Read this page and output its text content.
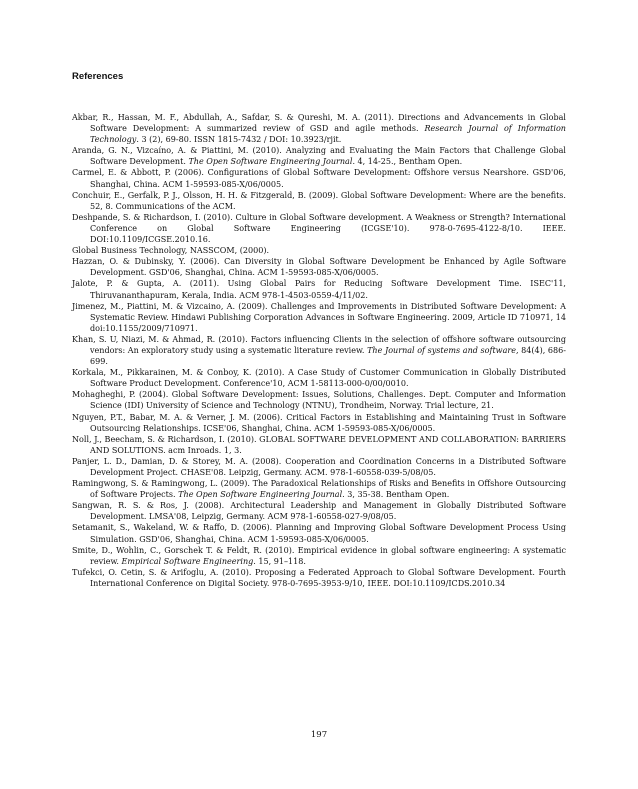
References

Akbar, R., Hassan, M. F., Abdullah, A., Safdar, S. & Qureshi, M. A. (2011). Directions and Advancements in Global Software Development: A summarized review of GSD and agile methods. Research Journal of Information Technology. 3 (2), 69-80. ISSN 1815-7432 / DOI: 10.3923/rjit.

Aranda, G. N., Vizcaíno, A. & Piattini, M. (2010). Analyzing and Evaluating the Main Factors that Challenge Global Software Development. The Open Software Engineering Journal. 4, 14-25., Bentham Open.

Carmel, E. & Abbott, P. (2006). Configurations of Global Software Development: Offshore versus Nearshore. GSD'06, Shanghai, China. ACM 1-59593-085-X/06/0005.

Conchuir, E., Gerfalk, P. J., Olsson, H. H. & Fitzgerald, B. (2009). Global Software Development: Where are the benefits. 52, 8. Communications of the ACM.

Deshpande, S. & Richardson, I. (2010). Culture in Global Software development. A Weakness or Strength? International Conference on Global Software Engineering (ICGSE'10). 978-0-7695-4122-8/10. IEEE. DOI:10.1109/ICGSE.2010.16.

Global Business Technology, NASSCOM, (2000).

Hazzan, O. & Dubinsky, Y. (2006). Can Diversity in Global Software Development be Enhanced by Agile Software Development. GSD'06, Shanghai, China. ACM 1-59593-085-X/06/0005.

Jalote, P. & Gupta, A. (2011). Using Global Pairs for Reducing Software Development Time. ISEC'11, Thiruvananthapuram, Kerala, India. ACM 978-1-4503-0559-4/11/02.

Jimenez, M., Piattini, M. & Vizcaino, A. (2009). Challenges and Improvements in Distributed Software Development: A Systematic Review. Hindawi Publishing Corporation Advances in Software Engineering. 2009, Article ID 710971, 14 doi:10.1155/2009/710971.

Khan, S. U, Niazi, M. & Ahmad, R. (2010). Factors influencing Clients in the selection of offshore software outsourcing vendors: An exploratory study using a systematic literature review. The Journal of systems and software, 84(4), 686-699.

Korkala, M., Pikkarainen, M. & Conboy, K. (2010). A Case Study of Customer Communication in Globally Distributed Software Product Development. Conference'10, ACM 1-58113-000-0/00/0010.

Mohagheghi, P. (2004). Global Software Development: Issues, Solutions, Challenges. Dept. Computer and Information Science (IDI) University of Science and Technology (NTNU), Trondheim, Norway. Trial lecture, 21.

Nguyen, P.T., Babar, M. A. & Verner, J. M. (2006). Critical Factors in Establishing and Maintaining Trust in Software Outsourcing Relationships. ICSE'06, Shanghai, China. ACM 1-59593-085-X/06/0005.

Noll, J., Beecham, S. & Richardson, I. (2010). GLOBAL SOFTWARE DEVELOPMENT AND COLLABORATION: BARRIERS AND SOLUTIONS. acm Inroads. 1, 3.

Panjer, L. D., Damian, D. & Storey, M. A. (2008). Cooperation and Coordination Concerns in a Distributed Software Development Project. CHASE'08. Leipzig, Germany. ACM. 978-1-60558-039-5/08/05.

Ramingwong, S. & Ramingwong, L. (2009). The Paradoxical Relationships of Risks and Benefits in Offshore Outsourcing of Software Projects. The Open Software Engineering Journal. 3, 35-38. Bentham Open.

Sangwan, R. S. & Ros, J. (2008). Architectural Leadership and Management in Globally Distributed Software Development. LMSA'08, Leipzig, Germany. ACM 978-1-60558-027-9/08/05.

Setamanit, S., Wakeland, W. & Raffo, D. (2006). Planning and Improving Global Software Development Process Using Simulation. GSD'06, Shanghai, China. ACM 1-59593-085-X/06/0005.

Smite, D., Wohlin, C., Gorschek T. & Feldt, R. (2010). Empirical evidence in global software engineering: A systematic review. Empirical Software Engineering. 15, 91–118.

Tufekci, O. Cetin, S. & Arifoglu, A. (2010). Proposing a Federated Approach to Global Software Development. Fourth International Conference on Digital Society. 978-0-7695-3953-9/10, IEEE. DOI:10.1109/ICDS.2010.34

197
